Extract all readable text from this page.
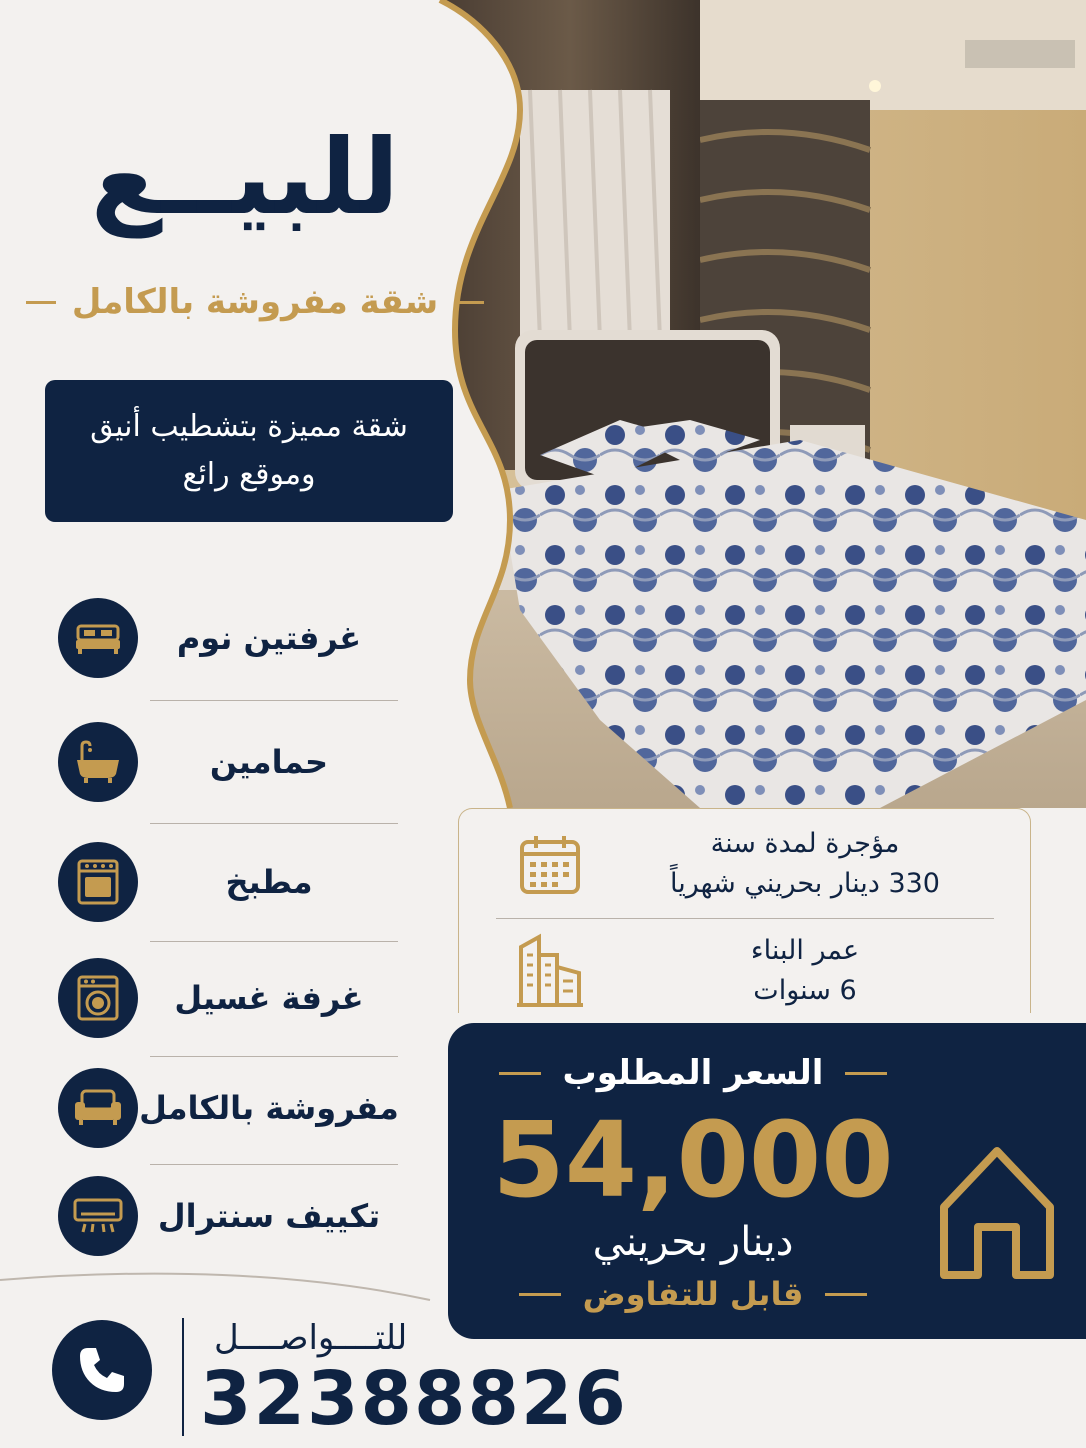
للبيــع
شقة مفروشة بالكامل
شقة مميزة بتشطيب أنيق
وموقع رائع
غرفتين نوم
حمامين
مطبخ
غرفة غسيل
مفروشة بالكامل
تكييف سنترال
مؤجرة لمدة سنة
330 دينار بحريني شهرياً
عمر البناء
6 سنوات
السعر المطلوب
54,000
دينار بحريني
قابل للتفاوض
للتــــواصــــل
32388826
